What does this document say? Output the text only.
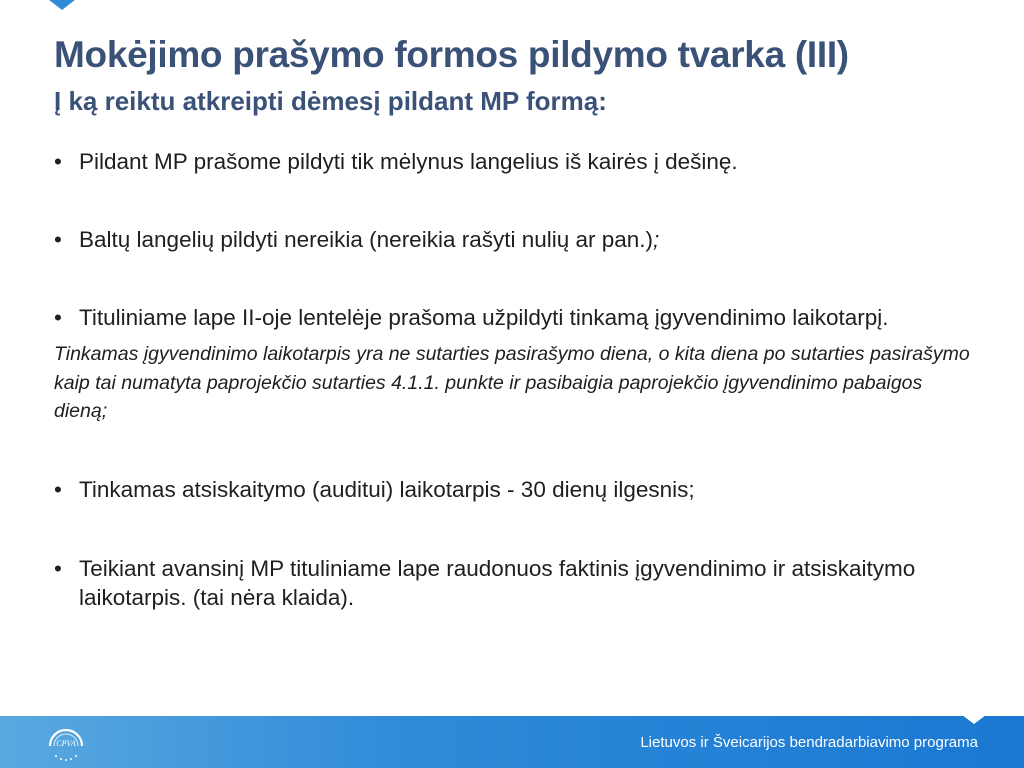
Mokėjimo prašymo formos pildymo tvarka (III)
Į ką reiktu atkreipti dėmesį pildant MP formą:
• Pildant MP prašome pildyti tik mėlynus langelius iš kairės į dešinę.
• Baltų langelių pildyti nereikia (nereikia rašyti nulių ar pan.);
• Tituliniame lape II-oje lentelėje prašoma užpildyti tinkamą įgyvendinimo laikotarpį.
Tinkamas įgyvendinimo laikotarpis yra ne sutarties pasirašymo diena, o kita diena po sutarties pasirašymo kaip tai numatyta paprojekčio sutarties 4.1.1. punkte ir pasibaigia paprojekčio įgyvendinimo pabaigos dieną;
• Tinkamas atsiskaitymo (auditui) laikotarpis - 30 dienų ilgesnis;
• Teikiant avansinį MP tituliniame lape raudonuos faktinis įgyvendinimo ir atsiskaitymo laikotarpis. (tai nėra klaida).
CPVA	Lietuvos ir Šveicarijos bendradarbiavimo programa
